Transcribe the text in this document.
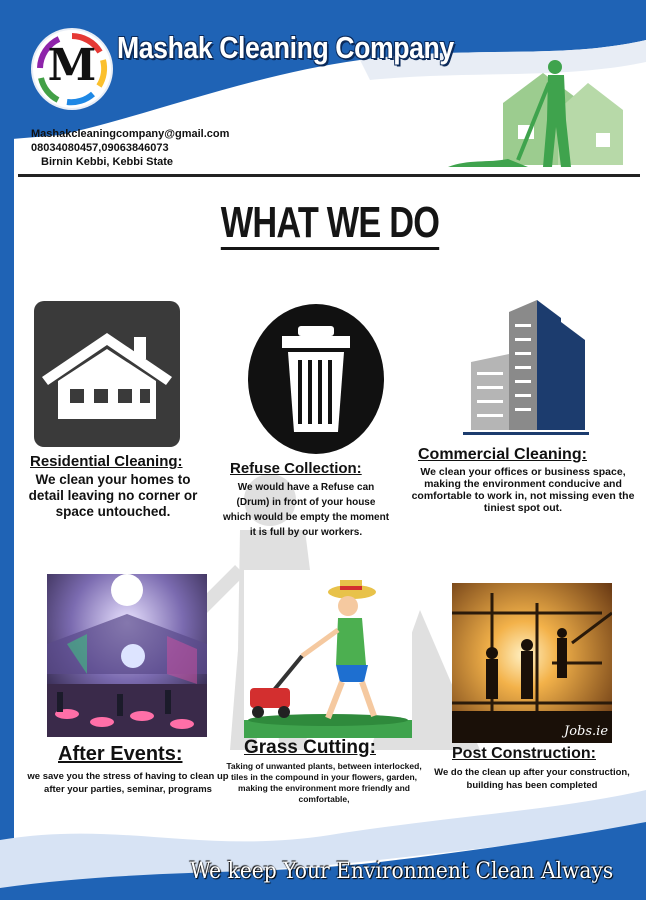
M Mashak Cleaning Company
Mashakcleaningcompany@gmail.com
08034080457,09063846073
Birnin Kebbi, Kebbi State
WHAT WE DO
Residential Cleaning:
We clean your homes to detail leaving no corner or space untouched.
Refuse Collection:
We would have a Refuse can (Drum) in front of your house which would be empty the moment it is full by our workers.
Commercial Cleaning:
We clean your offices or business space, making the environment conducive and comfortable to work in, not missing even the tiniest spot out.
After Events:
we save you the stress of having to clean up after your parties, seminar, programs
Grass Cutting:
Taking of unwanted plants, between interlocked, tiles in the compound in your flowers, garden, making the environment more friendly and comfortable,
Jobs.ie
Post Construction:
We do the clean up after your construction, building has been completed
We keep Your Environment Clean Always
